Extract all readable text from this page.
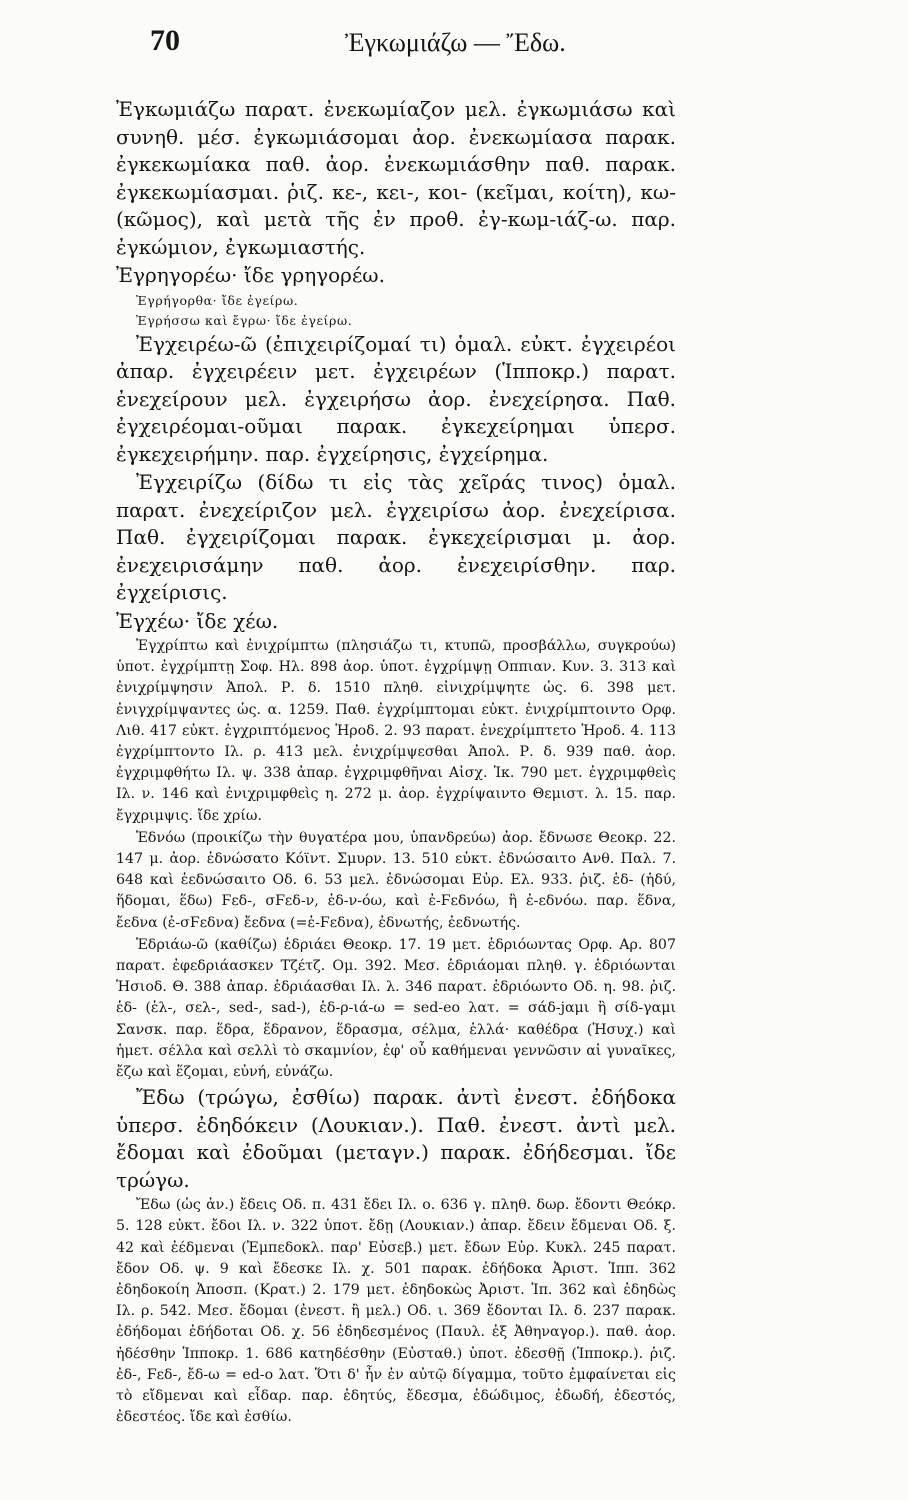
70	Ἐγκωμιάζω — Ἔδω.

Ἐγκωμιάζω παρατ. ἐνεκωμίαζον μελ. ἐγκωμιάσω καὶ συνηθ. μέσ. ἐγκωμιάσομαι ἀορ. ἐνεκωμίασα παρακ. ἐγκεκωμίακα παθ. ἀορ. ἐνεκωμιάσθην παθ. παρακ. ἐγκεκωμίασμαι. ῥιζ. κε-, κει-, κοι- (κεῖμαι, κοίτη), κω- (κῶμος), καὶ μετὰ τῆς ἐν προθ. ἐγ-κωμ-ιάζ-ω. παρ. ἐγκώμιον, ἐγκωμιαστής.

Ἐγρηγορέω· ἴδε γρηγορέω.

Ἐγρήγορθα· ἴδε ἐγείρω.

Ἐγρήσσω καὶ ἔγρω· ἴδε ἐγείρω.

Ἐγχειρέω-ῶ (ἐπιχειρίζομαί τι) ὁμαλ. εὐκτ. ἐγχειρέοι ἀπαρ. ἐγχειρέειν μετ. ἐγχειρέων (Ἱπποκρ.) παρατ. ἐνεχείρουν μελ. ἐγχειρήσω ἀορ. ἐνεχείρησα. Παθ. ἐγχειρέομαι-οῦμαι παρακ. ἐγκεχείρημαι ὑπερσ. ἐγκεχειρήμην. παρ. ἐγχείρησις, ἐγχείρημα.

Ἐγχειρίζω (δίδω τι εἰς τὰς χεῖράς τινος) ὁμαλ. παρατ. ἐνεχείριζον μελ. ἐγχειρίσω ἀορ. ἐνεχείρισα. Παθ. ἐγχειρίζομαι παρακ. ἐγκεχείρισμαι μ. ἀορ. ἐνεχειρισάμην παθ. ἀορ. ἐνεχειρίσθην. παρ. ἐγχείρισις.

Ἐγχέω· ἴδε χέω.

Ἐγχρίπτω καὶ ἐνιχρίμπτω (πλησιάζω τι, κτυπῶ, προσβάλλω, συγκρούω) ὑποτ. ἐγχρίμπτῃ Σοφ. Ηλ. 898 ἀορ. ὑποτ. ἐγχρίμψῃ Οππιαν. Κυν. 3. 313 καὶ ἐνιχρίμψησιν Ἀπολ. Ρ. δ. 1510 πληθ. εἰνιχρίμψητε ὡς. 6. 398 μετ. ἐνιγχρίμψαντες ὡς. α. 1259. Παθ. ἐγχρίμπτομαι εὐκτ. ἐνιχρίμπτοιντο Ορφ. Λιθ. 417 εὐκτ. ἐγχριπτόμενος Ἡροδ. 2. 93 παρατ. ἐνεχρίμπτετο Ἡροδ. 4. 113 ἐγχρίμπτοντο Ιλ. ρ. 413 μελ. ἐνιχρίμψεσθαι Ἀπολ. Ρ. δ. 939 παθ. ἀορ. ἐγχριμφθήτω Ιλ. ψ. 338 ἀπαρ. ἐγχριμφθῆναι Αἰσχ. Ἱκ. 790 μετ. ἐγχριμφθεὶς Ιλ. ν. 146 καὶ ἐνιχριμφθεὶς η. 272 μ. ἀορ. ἐγχρίψαιντο Θεμιστ. λ. 15. παρ. ἔγχριμψις. ἴδε χρίω.

Ἑδνόω (προικίζω τὴν θυγατέρα μου, ὑπανδρεύω) ἀορ. ἔδνωσε Θεοκρ. 22. 147 μ. ἀορ. ἐδνώσατο Κόϊντ. Σμυρν. 13. 510 εὐκτ. ἐδνώσαιτο Ανθ. Παλ. 7. 648 καὶ ἐεδνώσαιτο Οδ. 6. 53 μελ. ἐδνώσομαι Εὐρ. Ελ. 933. ῥιζ. ἑδ- (ἡδύ, ἥδομαι, ἕδω) Ϝεδ-, σϜεδ-ν, ἐδ-ν-όω, καὶ ἐ-Ϝεδνόω, ἢ ἐ-εδνόω. παρ. ἕδνα, ἔεδνα (ἐ-σϜεδνα) ἔεδνα (=ἐ-Ϝεδνα), ἐδνωτής, ἐεδνωτής.

Ἑδριάω-ῶ (καθίζω) ἑδριάει Θεοκρ. 17. 19 μετ. ἑδριόωντας Ορφ. Αρ. 807 παρατ. ἐφεδριάασκεν Τζέτζ. Ομ. 392. Μεσ. ἑδριάομαι πληθ. γ. ἑδριόωνται Ἡσιοδ. Θ. 388 ἀπαρ. ἑδριάασθαι Ιλ. λ. 346 παρατ. ἑδριόωντο Οδ. η. 98. ῥιζ. ἑδ- (ἑλ-, σελ-, sed-, sad-), ἑδ-ρ-ιά-ω = sed-eo λατ. = σάδ-jαμι ἢ σίδ-γαμι Σανσκ. παρ. ἕδρα, ἕδρανον, ἕδρασμα, σέλμα, ἑλλά· καθέδρα (Ἡσυχ.) καὶ ἡμετ. σέλλα καὶ σελλὶ τὸ σκαμνίον, ἐφ' οὗ καθήμεναι γεννῶσιν αἱ γυναῖκες, ἔζω καὶ ἕζομαι, εὐνή, εὐνάζω.

Ἔδω (τρώγω, ἐσθίω) παρακ. ἀντὶ ἐνεστ. ἐδήδοκα ὑπερσ. ἐδηδόκειν (Λουκιαν.). Παθ. ἐνεστ. ἀντὶ μελ. ἔδομαι καὶ ἐδοῦμαι (μεταγν.) παρακ. ἐδήδεσμαι. ἴδε τρώγω.

Ἔδω (ὡς ἀν.) ἔδεις Οδ. π. 431 ἔδει Ιλ. ο. 636 γ. πληθ. δωρ. ἔδοντι Θεόκρ. 5. 128 εὐκτ. ἔδοι Ιλ. ν. 322 ὑποτ. ἔδῃ (Λουκιαν.) ἀπαρ. ἔδειν ἔδμεναι Οδ. ξ. 42 καὶ ἐέδμεναι (Ἐμπεδοκλ. παρ' Εὐσεβ.) μετ. ἔδων Εὐρ. Κυκλ. 245 παρατ. ἔδον Οδ. ψ. 9 καὶ ἔδεσκε Ιλ. χ. 501 παρακ. ἐδήδοκα Ἀριστ. Ἱππ. 362 ἐδηδοκοίη Ἀποσπ. (Κρατ.) 2. 179 μετ. ἐδηδοκὼς Ἀριστ. Ἱπ. 362 καὶ ἐδηδὼς Ιλ. ρ. 542. Μεσ. ἔδομαι (ἐνεστ. ἢ μελ.) Οδ. ι. 369 ἔδονται Ιλ. δ. 237 παρακ. ἐδήδομαι ἐδήδοται Οδ. χ. 56 ἐδηδεσμένος (Παυλ. ἐξ Ἀθηναγορ.). παθ. ἀορ. ἠδέσθην Ἱπποκρ. 1. 686 κατηδέσθην (Εὐσταθ.) ὑποτ. ἐδεσθῇ (Ἱπποκρ.). ῥιζ. ἐδ-, Ϝεδ-, ἔδ-ω = ed-o λατ. Ὅτι δ' ἦν ἐν αὐτῷ δίγαμμα, τοῦτο ἐμφαίνεται εἰς τὸ εἴδμεναι καὶ εἶδαρ. παρ. ἐδητύς, ἔδεσμα, ἐδώδιμος, ἐδωδή, ἐδεστός, ἐδεστέος. ἴδε καὶ ἐσθίω.
